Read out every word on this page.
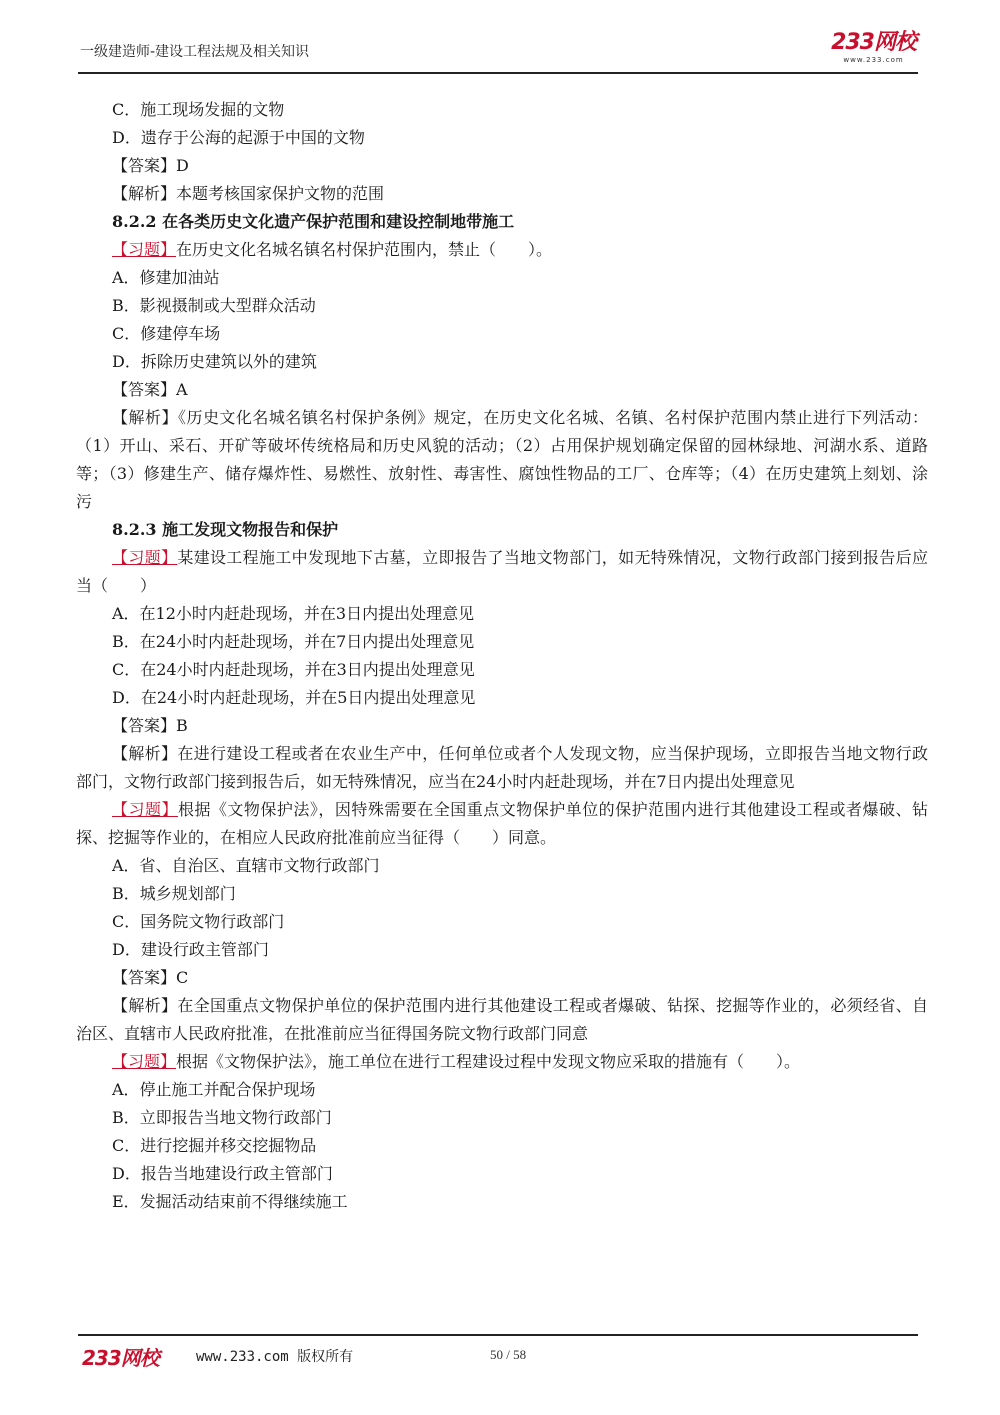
一级建造师-建设工程法规及相关知识	233网校
www.233.com
C．施工现场发掘的文物
D．遗存于公海的起源于中国的文物
【答案】D
【解析】本题考核国家保护文物的范围
8.2.2 在各类历史文化遗产保护范围和建设控制地带施工
【习题】在历史文化名城名镇名村保护范围内，禁止（　　）。
A．修建加油站
B．影视摄制或大型群众活动
C．修建停车场
D．拆除历史建筑以外的建筑
【答案】A
【解析】《历史文化名城名镇名村保护条例》规定，在历史文化名城、名镇、名村保护范围内禁止进行下列活动：（1）开山、采石、开矿等破坏传统格局和历史风貌的活动；（2）占用保护规划确定保留的园林绿地、河湖水系、道路等；（3）修建生产、储存爆炸性、易燃性、放射性、毒害性、腐蚀性物品的工厂、仓库等；（4）在历史建筑上刻划、涂污
8.2.3 施工发现文物报告和保护
【习题】某建设工程施工中发现地下古墓，立即报告了当地文物部门，如无特殊情况，文物行政部门接到报告后应当（　　）
A．在12小时内赶赴现场，并在3日内提出处理意见
B．在24小时内赶赴现场，并在7日内提出处理意见
C．在24小时内赶赴现场，并在3日内提出处理意见
D．在24小时内赶赴现场，并在5日内提出处理意见
【答案】B
【解析】在进行建设工程或者在农业生产中，任何单位或者个人发现文物，应当保护现场，立即报告当地文物行政部门，文物行政部门接到报告后，如无特殊情况，应当在24小时内赶赴现场，并在7日内提出处理意见
【习题】根据《文物保护法》，因特殊需要在全国重点文物保护单位的保护范围内进行其他建设工程或者爆破、钻探、挖掘等作业的，在相应人民政府批准前应当征得（　　）同意。
A．省、自治区、直辖市文物行政部门
B．城乡规划部门
C．国务院文物行政部门
D．建设行政主管部门
【答案】C
【解析】在全国重点文物保护单位的保护范围内进行其他建设工程或者爆破、钻探、挖掘等作业的，必须经省、自治区、直辖市人民政府批准，在批准前应当征得国务院文物行政部门同意
【习题】根据《文物保护法》，施工单位在进行工程建设过程中发现文物应采取的措施有（　　）。
A．停止施工并配合保护现场
B．立即报告当地文物行政部门
C．进行挖掘并移交挖掘物品
D．报告当地建设行政主管部门
E．发掘活动结束前不得继续施工
233网校	www.233.com 版权所有	50 / 58
